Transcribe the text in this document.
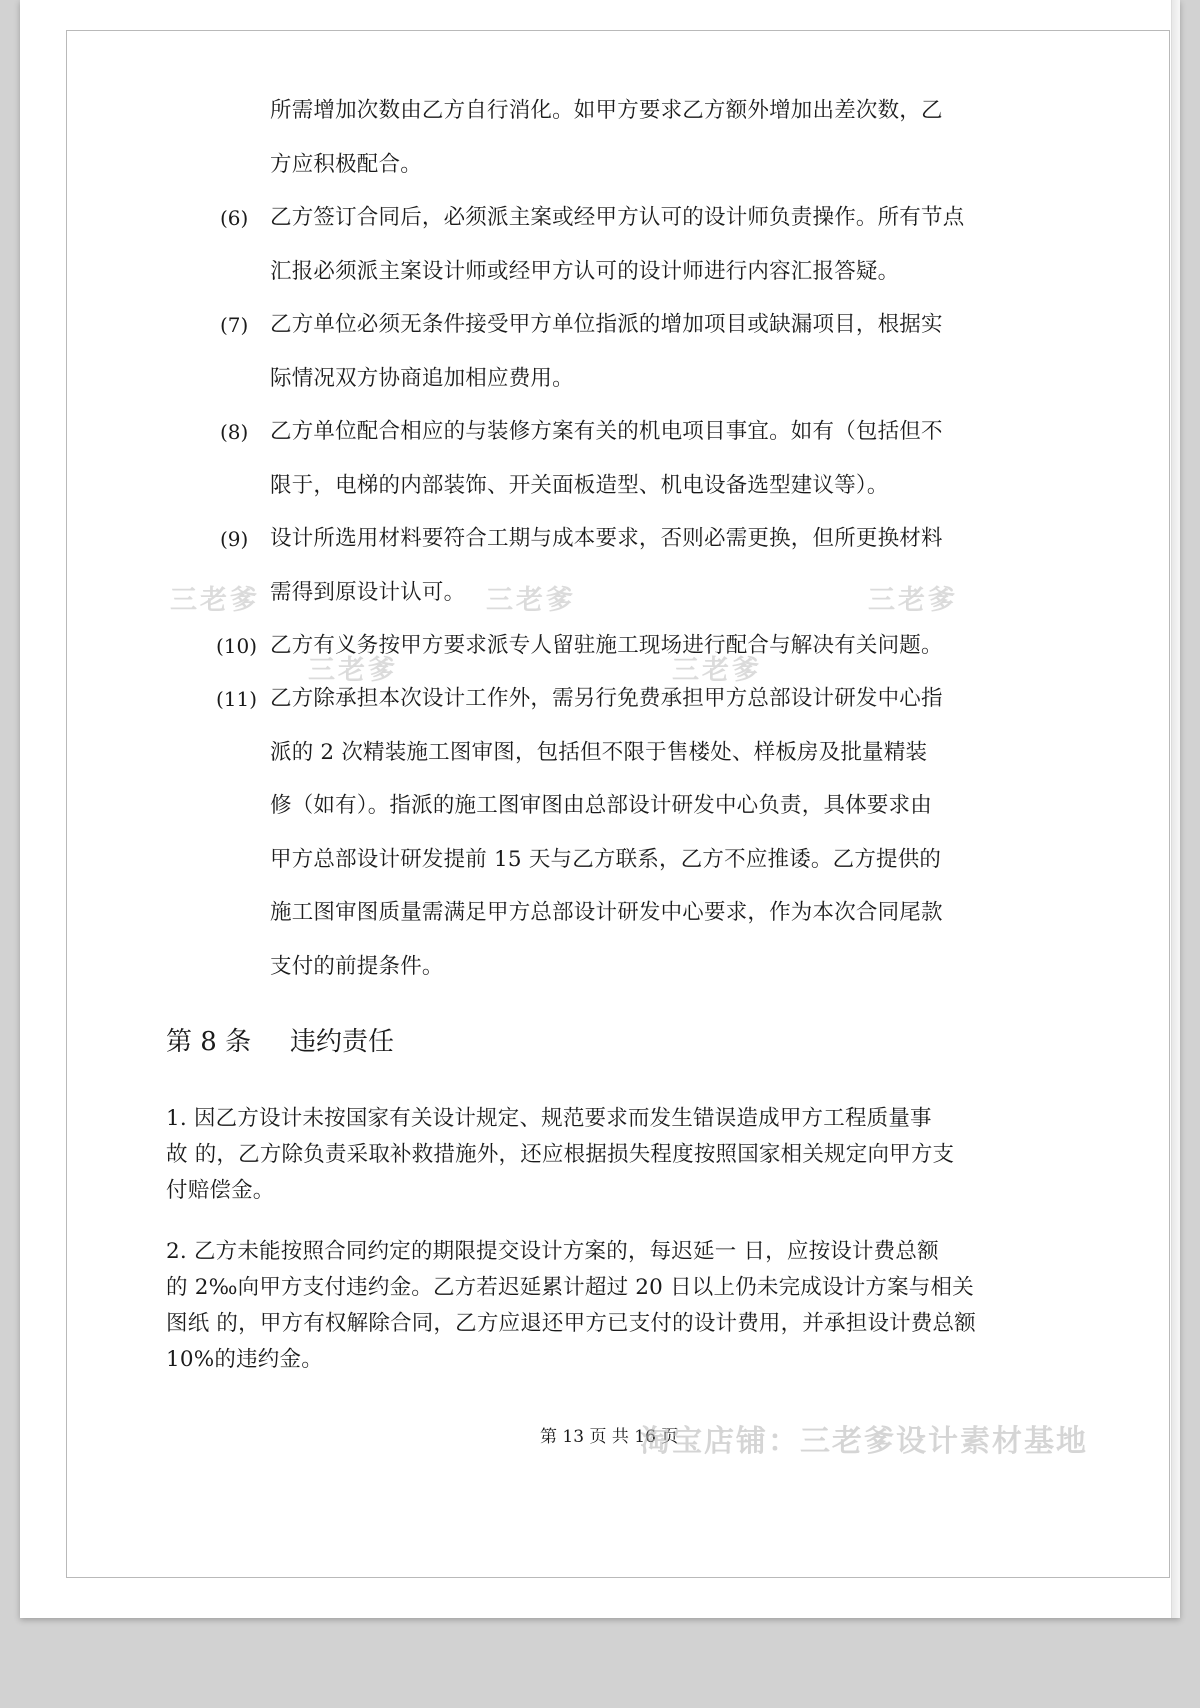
所需增加次数由乙方自行消化。如甲方要求乙方额外增加出差次数，乙
方应积极配合。
(6) 乙方签订合同后，必须派主案或经甲方认可的设计师负责操作。所有节点
汇报必须派主案设计师或经甲方认可的设计师进行内容汇报答疑。
(7) 乙方单位必须无条件接受甲方单位指派的增加项目或缺漏项目，根据实
际情况双方协商追加相应费用。
(8) 乙方单位配合相应的与装修方案有关的机电项目事宜。如有（包括但不
限于，电梯的内部装饰、开关面板造型、机电设备选型建议等）。
(9) 设计所选用材料要符合工期与成本要求，否则必需更换，但所更换材料
需得到原设计认可。
(10) 乙方有义务按甲方要求派专人留驻施工现场进行配合与解决有关问题。
(11) 乙方除承担本次设计工作外，需另行免费承担甲方总部设计研发中心指
派的 2 次精装施工图审图，包括但不限于售楼处、样板房及批量精装
修（如有）。指派的施工图审图由总部设计研发中心负责，具体要求由
甲方总部设计研发提前 15 天与乙方联系，乙方不应推诿。乙方提供的
施工图审图质量需满足甲方总部设计研发中心要求，作为本次合同尾款
支付的前提条件。
第 8 条 违约责任
1. 因乙方设计未按国家有关设计规定、规范要求而发生错误造成甲方工程质量事
故 的，乙方除负责采取补救措施外，还应根据损失程度按照国家相关规定向甲方支
付赔偿金。
2. 乙方未能按照合同约定的期限提交设计方案的，每迟延一 日，应按设计费总额
的 2‰向甲方支付违约金。乙方若迟延累计超过 20 日以上仍未完成设计方案与相关
图纸 的，甲方有权解除合同，乙方应退还甲方已支付的设计费用，并承担设计费总额
10%的违约金。
第 13 页 共 16 页
三老爹	三老爹	三老爹
三老爹	三老爹
淘宝店铺：三老爹设计素材基地
